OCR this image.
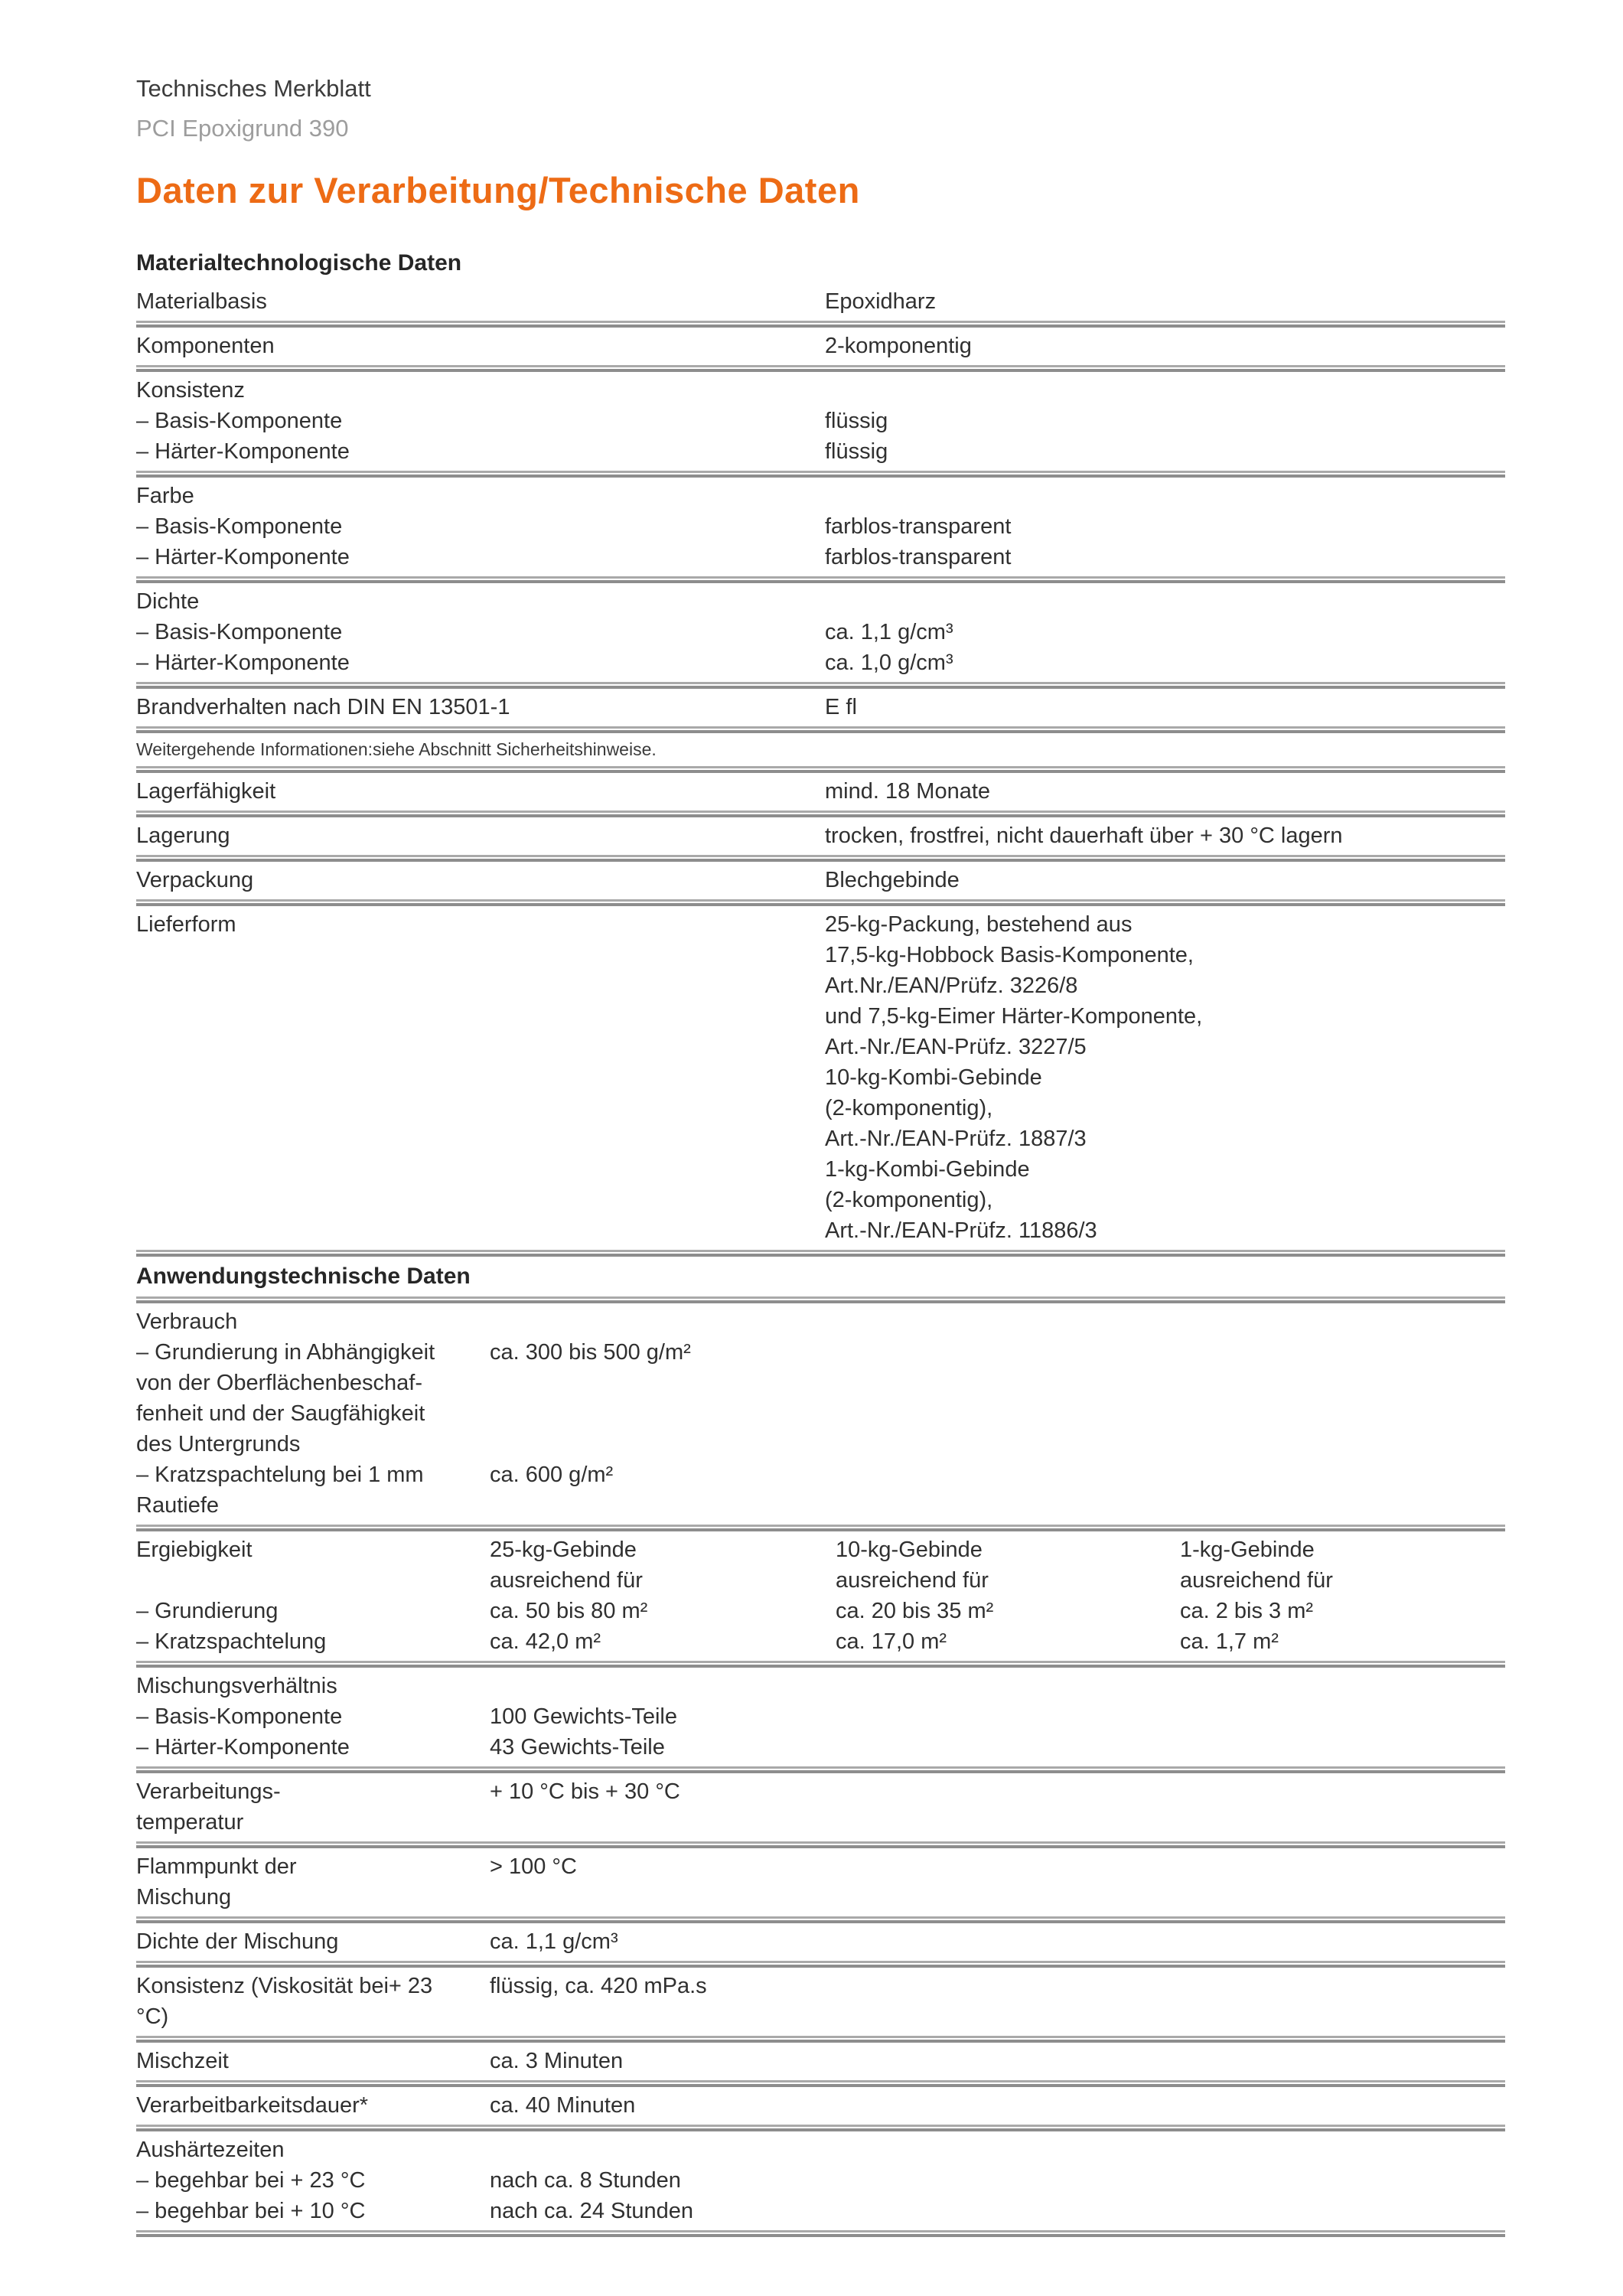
Technisches Merkblatt
PCI Epoxigrund 390
Daten zur Verarbeitung/Technische Daten
Materialtechnologische Daten
Materialbasis	Epoxidharz
Komponenten	2-komponentig
Konsistenz
– Basis-Komponente	flüssig
– Härter-Komponente	flüssig
Farbe
– Basis-Komponente	farblos-transparent
– Härter-Komponente	farblos-transparent
Dichte
– Basis-Komponente	ca. 1,1 g/cm³
– Härter-Komponente	ca. 1,0 g/cm³
Brandverhalten nach DIN EN 13501-1	E fl
Weitergehende Informationen:siehe Abschnitt Sicherheitshinweise.
Lagerfähigkeit	mind. 18 Monate
Lagerung	trocken, frostfrei, nicht dauerhaft über + 30 °C lagern
Verpackung	Blechgebinde
Lieferform	25-kg-Packung, bestehend aus
17,5-kg-Hobbock Basis-Komponente,
Art.Nr./EAN/Prüfz. 3226/8
und 7,5-kg-Eimer Härter-Komponente,
Art.-Nr./EAN-Prüfz. 3227/5
10-kg-Kombi-Gebinde
(2-komponentig),
Art.-Nr./EAN-Prüfz. 1887/3
1-kg-Kombi-Gebinde
(2-komponentig),
Art.-Nr./EAN-Prüfz. 11886/3
Anwendungstechnische Daten
Verbrauch
– Grundierung in Abhängigkeit	ca. 300 bis 500 g/m²
von der Oberflächenbeschaf-
fenheit und der Saugfähigkeit
des Untergrunds
– Kratzspachtelung bei 1 mm	ca. 600 g/m²
Rautiefe
Ergiebigkeit	25-kg-Gebinde	10-kg-Gebinde	1-kg-Gebinde
ausreichend für	ausreichend für	ausreichend für
– Grundierung	ca. 50 bis 80 m²	ca. 20 bis 35 m²	ca. 2 bis 3 m²
– Kratzspachtelung	ca. 42,0 m²	ca. 17,0 m²	ca. 1,7 m²
Mischungsverhältnis
– Basis-Komponente	100 Gewichts-Teile
– Härter-Komponente	43 Gewichts-Teile
Verarbeitungs-	+ 10 °C bis + 30 °C
temperatur
Flammpunkt der	> 100 °C
Mischung
Dichte der Mischung	ca. 1,1 g/cm³
Konsistenz (Viskosität bei+ 23	flüssig, ca. 420 mPa.s
°C)
Mischzeit	ca. 3 Minuten
Verarbeitbarkeitsdauer*	ca. 40 Minuten
Aushärtezeiten
– begehbar bei + 23 °C	nach ca. 8 Stunden
– begehbar bei + 10 °C	nach ca. 24 Stunden
